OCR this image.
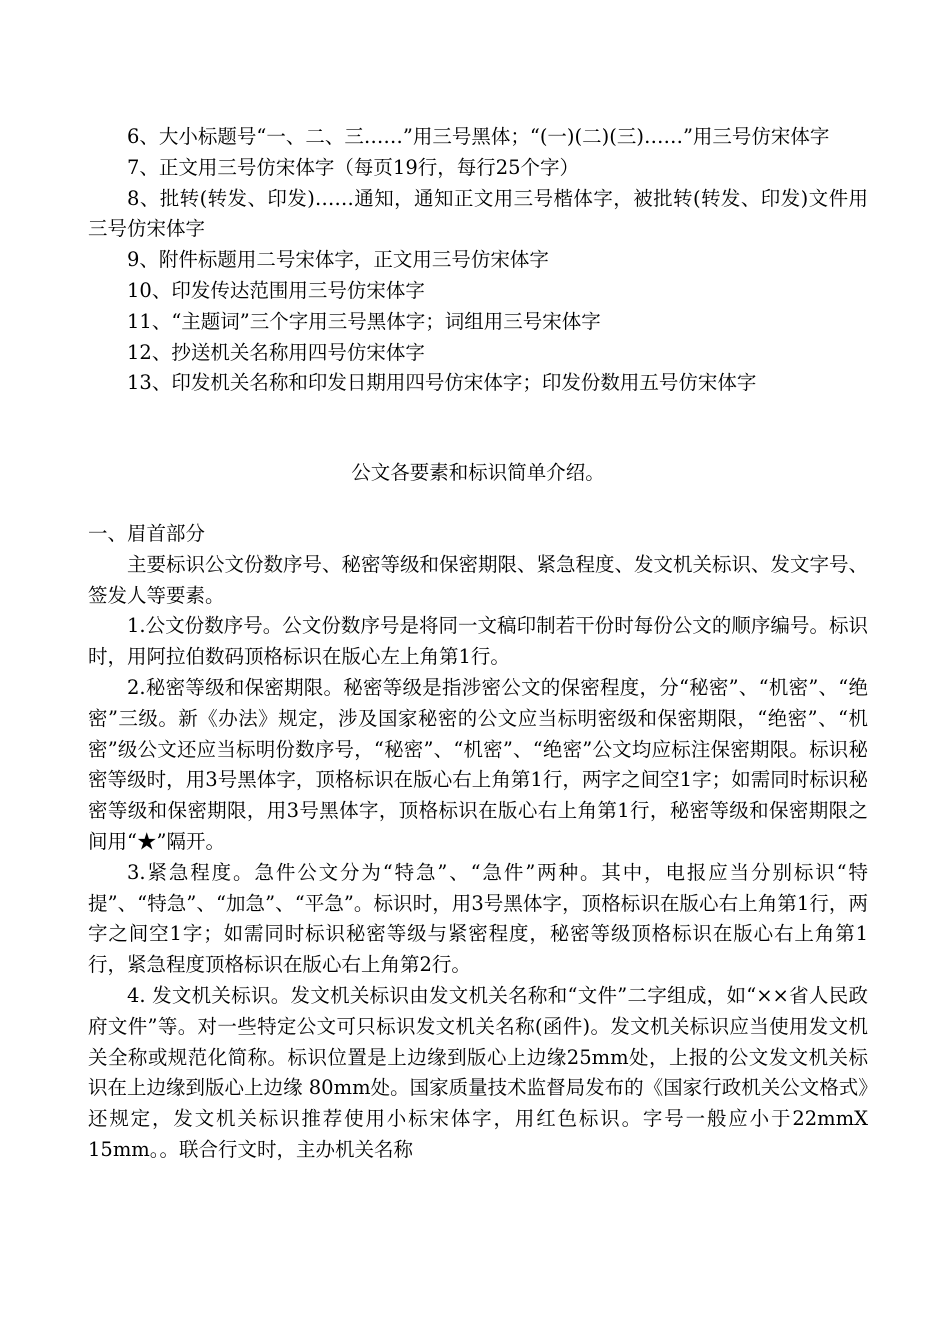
6、大小标题号“一、二、三……”用三号黑体；“(一)(二)(三)……”用三号仿宋体字

7、正文用三号仿宋体字（每页19行，每行25个字）

8、批转(转发、印发)……通知，通知正文用三号楷体字，被批转(转发、印发)文件用三号仿宋体字

9、附件标题用二号宋体字，正文用三号仿宋体字

10、印发传达范围用三号仿宋体字

11、“主题词”三个字用三号黑体字；词组用三号宋体字

12、抄送机关名称用四号仿宋体字

13、印发机关名称和印发日期用四号仿宋体字；印发份数用五号仿宋体字

公文各要素和标识简单介绍。

一、眉首部分

主要标识公文份数序号、秘密等级和保密期限、紧急程度、发文机关标识、发文字号、签发人等要素。

1.公文份数序号。公文份数序号是将同一文稿印制若干份时每份公文的顺序编号。标识时，用阿拉伯数码顶格标识在版心左上角第1行。

2.秘密等级和保密期限。秘密等级是指涉密公文的保密程度，分“秘密”、“机密”、“绝密”三级。新《办法》规定，涉及国家秘密的公文应当标明密级和保密期限，“绝密”、“机密”级公文还应当标明份数序号，“秘密”、“机密”、“绝密”公文均应标注保密期限。标识秘密等级时，用3号黑体字，顶格标识在版心右上角第1行，两字之间空1字；如需同时标识秘密等级和保密期限，用3号黑体字，顶格标识在版心右上角第1行，秘密等级和保密期限之间用“★”隔开。

3.紧急程度。急件公文分为“特急”、“急件”两种。其中，电报应当分别标识“特提”、“特急”、“加急”、“平急”。标识时，用3号黑体字，顶格标识在版心右上角第1行，两字之间空1字；如需同时标识秘密等级与紧密程度，秘密等级顶格标识在版心右上角第1行，紧急程度顶格标识在版心右上角第2行。

4. 发文机关标识。发文机关标识由发文机关名称和“文件”二字组成，如“××省人民政府文件”等。对一些特定公文可只标识发文机关名称(函件)。发文机关标识应当使用发文机关全称或规范化简称。标识位置是上边缘到版心上边缘25mm处，上报的公文发文机关标识在上边缘到版心上边缘 80mm处。国家质量技术监督局发布的《国家行政机关公文格式》还规定，发文机关标识推荐使用小标宋体字，用红色标识。字号一般应小于22mmX 15mm。。联合行文时，主办机关名称
